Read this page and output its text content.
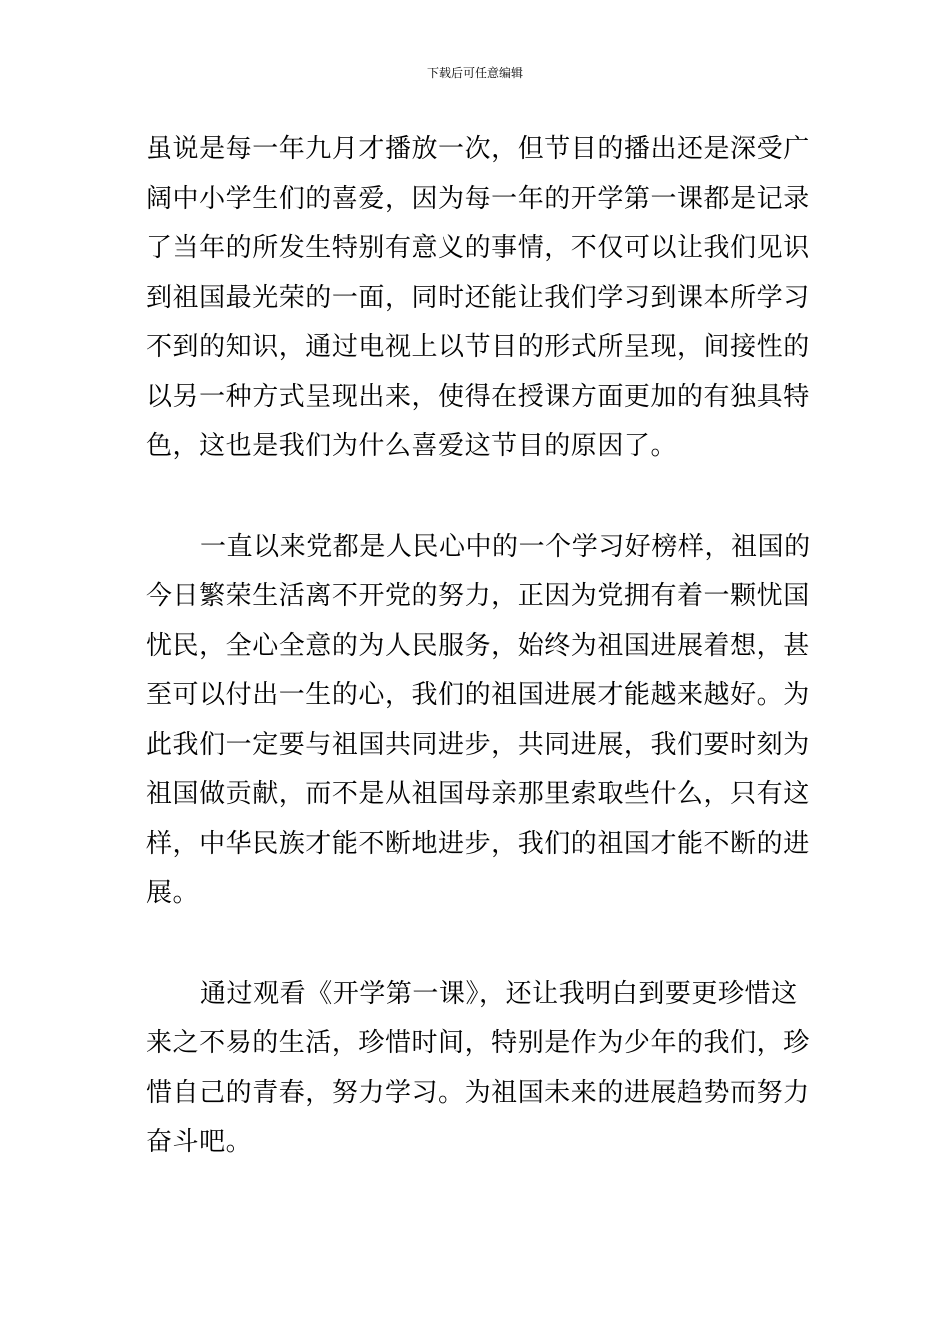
下载后可任意编辑
虽说是每一年九月才播放一次，但节目的播出还是深受广
阔中小学生们的喜爱，因为每一年的开学第一课都是记录
了当年的所发生特别有意义的事情，不仅可以让我们见识
到祖国最光荣的一面，同时还能让我们学习到课本所学习
不到的知识，通过电视上以节目的形式所呈现，间接性的
以另一种方式呈现出来，使得在授课方面更加的有独具特
色，这也是我们为什么喜爱这节目的原因了。
一直以来党都是人民心中的一个学习好榜样，祖国的
今日繁荣生活离不开党的努力，正因为党拥有着一颗忧国
忧民，全心全意的为人民服务，始终为祖国进展着想，甚
至可以付出一生的心，我们的祖国进展才能越来越好。为
此我们一定要与祖国共同进步，共同进展，我们要时刻为
祖国做贡献，而不是从祖国母亲那里索取些什么，只有这
样，中华民族才能不断地进步，我们的祖国才能不断的进
展。
通过观看《开学第一课》，还让我明白到要更珍惜这
来之不易的生活，珍惜时间，特别是作为少年的我们，珍
惜自己的青春，努力学习。为祖国未来的进展趋势而努力
奋斗吧。
